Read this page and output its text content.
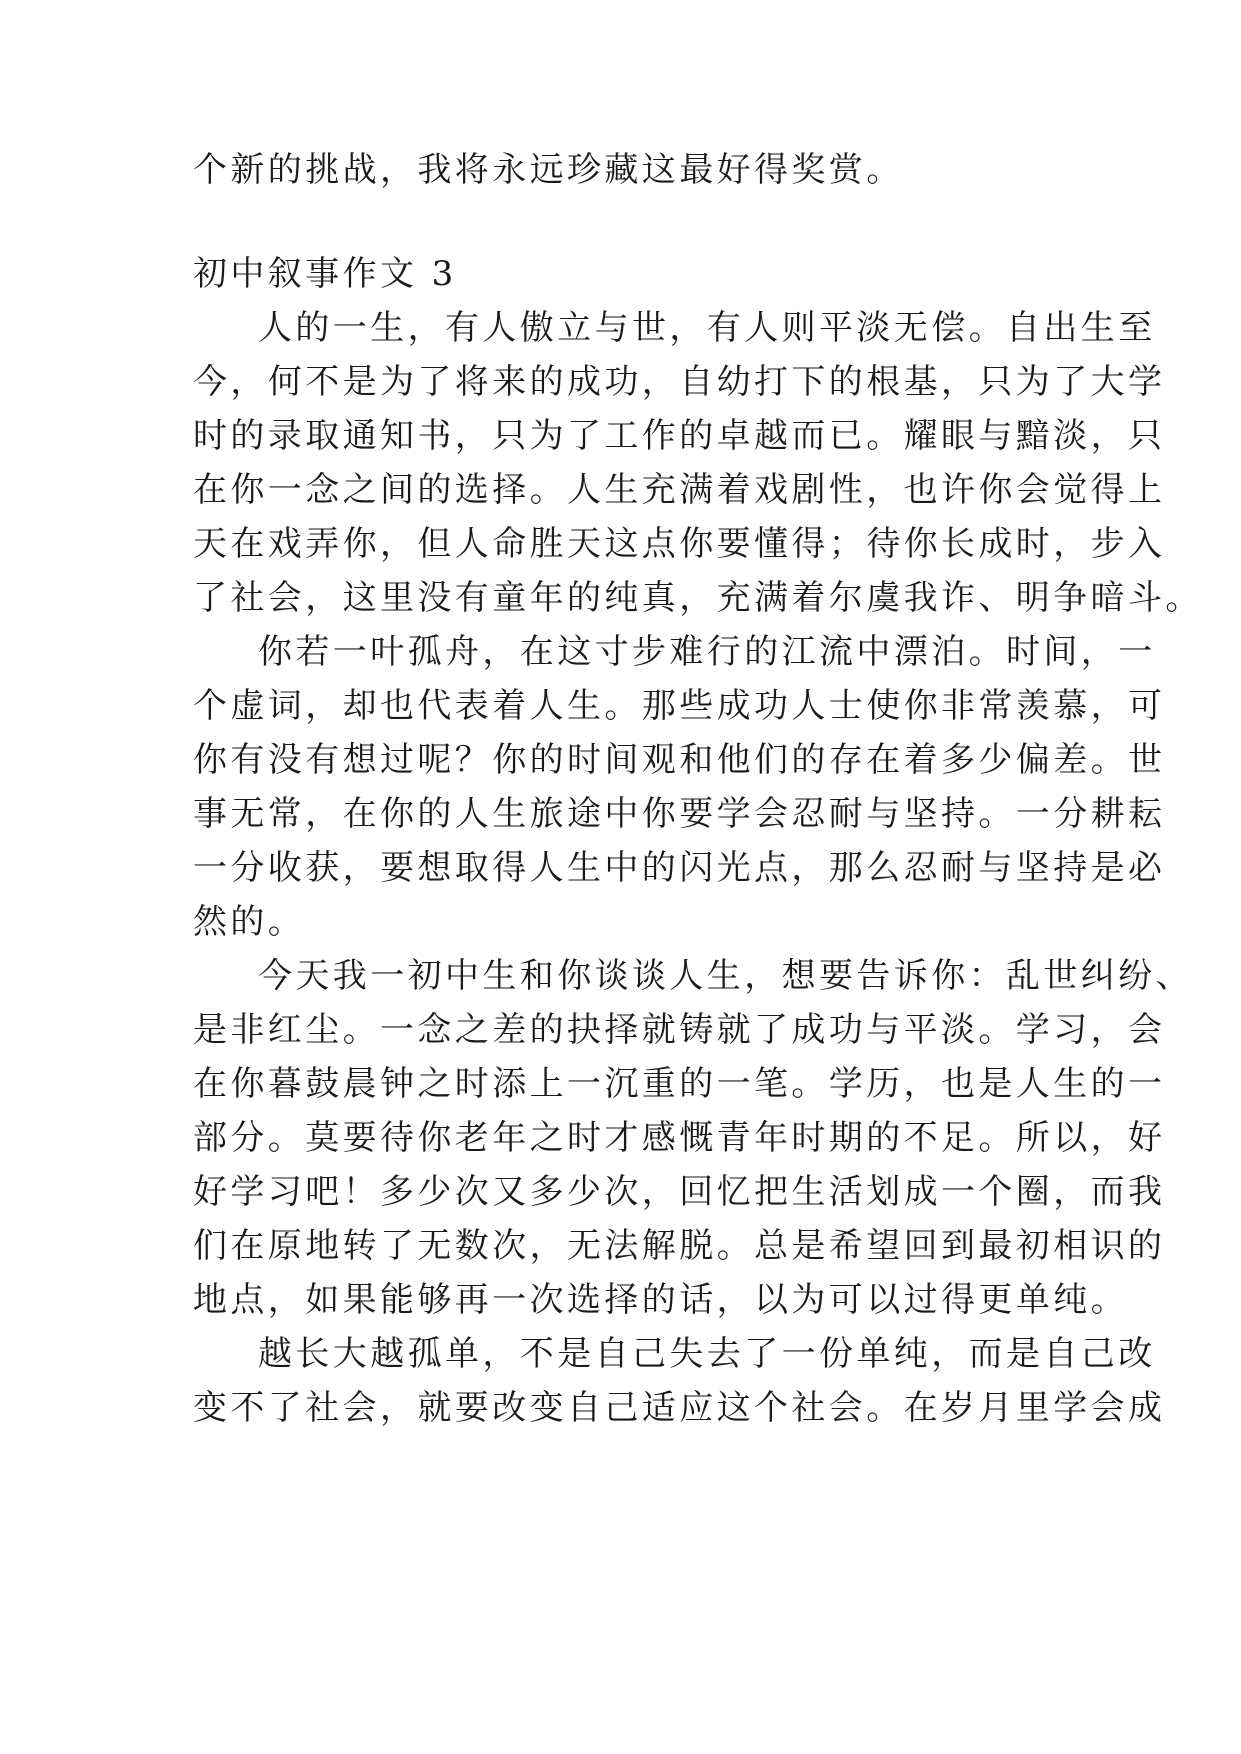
个新的挑战，我将永远珍藏这最好得奖赏。
初中叙事作文 3
人的一生，有人傲立与世，有人则平淡无偿。自出生至
今，何不是为了将来的成功，自幼打下的根基，只为了大学
时的录取通知书，只为了工作的卓越而已。耀眼与黯淡，只
在你一念之间的选择。人生充满着戏剧性，也许你会觉得上
天在戏弄你，但人命胜天这点你要懂得；待你长成时，步入
了社会，这里没有童年的纯真，充满着尔虞我诈、明争暗斗。
你若一叶孤舟，在这寸步难行的江流中漂泊。时间，一
个虚词，却也代表着人生。那些成功人士使你非常羡慕，可
你有没有想过呢？你的时间观和他们的存在着多少偏差。世
事无常，在你的人生旅途中你要学会忍耐与坚持。一分耕耘
一分收获，要想取得人生中的闪光点，那么忍耐与坚持是必
然的。
今天我一初中生和你谈谈人生，想要告诉你：乱世纠纷、
是非红尘。一念之差的抉择就铸就了成功与平淡。学习，会
在你暮鼓晨钟之时添上一沉重的一笔。学历，也是人生的一
部分。莫要待你老年之时才感慨青年时期的不足。所以，好
好学习吧！多少次又多少次，回忆把生活划成一个圈，而我
们在原地转了无数次，无法解脱。总是希望回到最初相识的
地点，如果能够再一次选择的话，以为可以过得更单纯。
越长大越孤单，不是自己失去了一份单纯，而是自己改
变不了社会，就要改变自己适应这个社会。在岁月里学会成
